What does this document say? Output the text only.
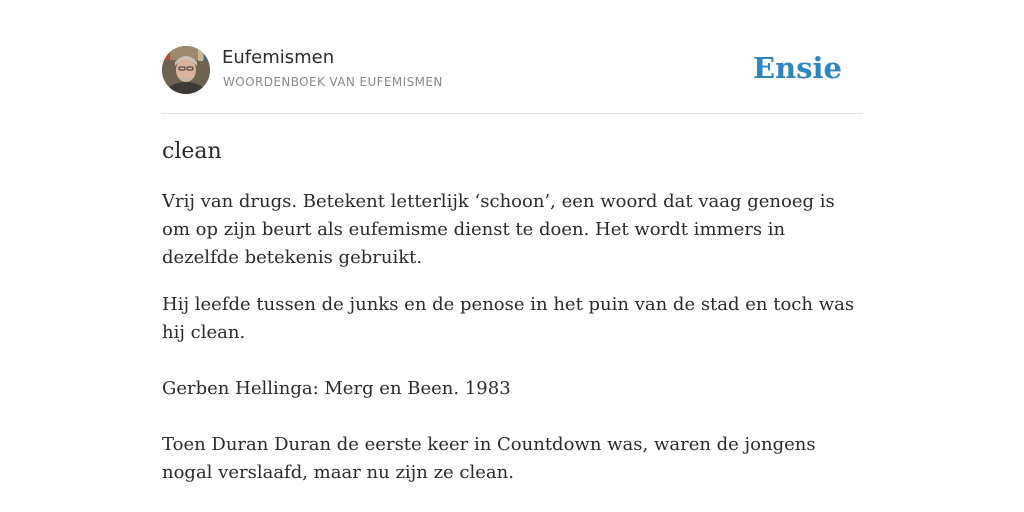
Eufemismen
WOORDENBOEK VAN EUFEMISMEN	Ensie
clean

Vrij van drugs. Betekent letterlijk ‘schoon’, een woord dat vaag genoeg is om op zijn beurt als eufemisme dienst te doen. Het wordt immers in dezelfde betekenis gebruikt.

Hij leefde tussen de junks en de penose in het puin van de stad en toch was hij clean.
Gerben Hellinga: Merg en Been. 1983
Toen Duran Duran de eerste keer in Countdown was, waren de jongens nogal verslaafd, maar nu zijn ze clean.
